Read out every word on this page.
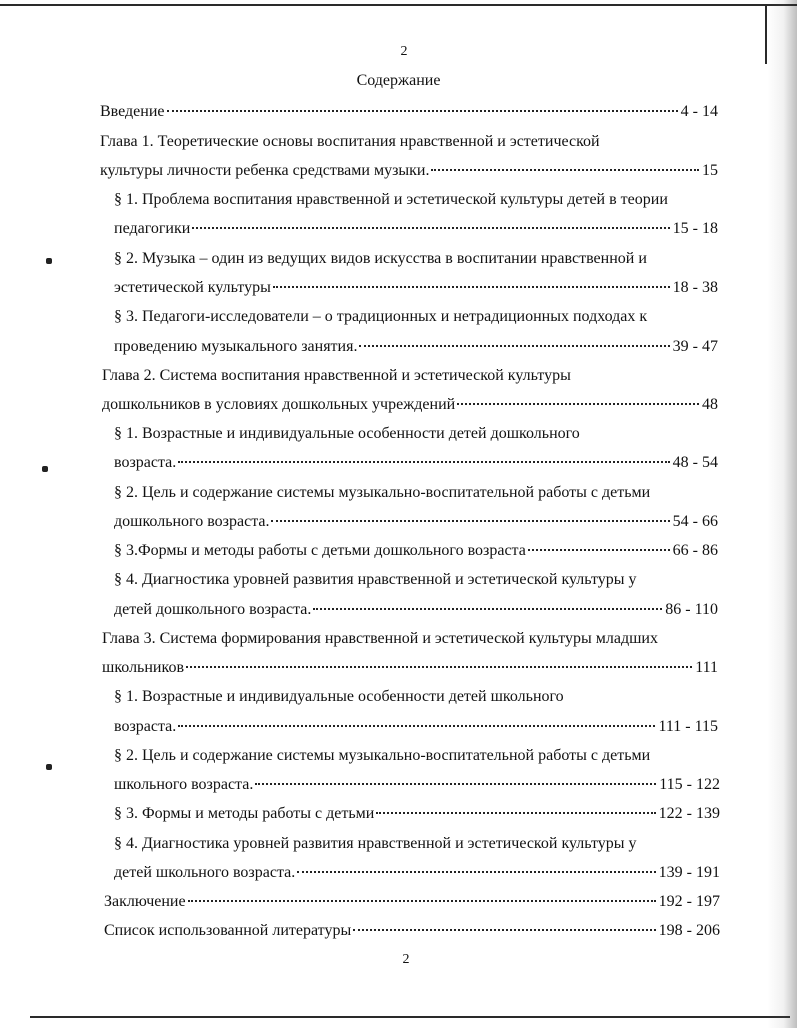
2
Содержание
Введение	4 - 14
Глава 1. Теоретические основы воспитания нравственной и эстетической
культуры личности ребенка средствами музыки.	15
§ 1. Проблема воспитания нравственной и эстетической культуры детей в теории
педагогики	15 - 18
§ 2. Музыка – один из ведущих видов искусства в воспитании нравственной и
эстетической культуры	18 - 38
§ 3. Педагоги-исследователи – о традиционных и нетрадиционных подходах к
проведению музыкального занятия.	39 - 47
Глава 2. Система воспитания нравственной и эстетической культуры
дошкольников в условиях дошкольных учреждений	48
§ 1. Возрастные и индивидуальные особенности детей дошкольного
возраста.	48 - 54
§ 2. Цель и содержание системы музыкально-воспитательной работы с детьми
дошкольного возраста.	54 - 66
§ 3.Формы и методы работы с детьми дошкольного возраста	66 - 86
§ 4. Диагностика уровней развития нравственной и эстетической культуры у
детей дошкольного возраста.	86 - 110
Глава 3. Система формирования нравственной и эстетической культуры младших
школьников	111
§ 1. Возрастные и индивидуальные особенности детей школьного
возраста.	111 - 115
§ 2. Цель и содержание системы музыкально-воспитательной работы с детьми
школьного возраста.	115 - 122
§ 3. Формы и методы работы с детьми	122 - 139
§ 4. Диагностика уровней развития нравственной и эстетической культуры у
детей школьного возраста.	139 - 191
Заключение	192 - 197
Список использованной литературы	198 - 206
2
